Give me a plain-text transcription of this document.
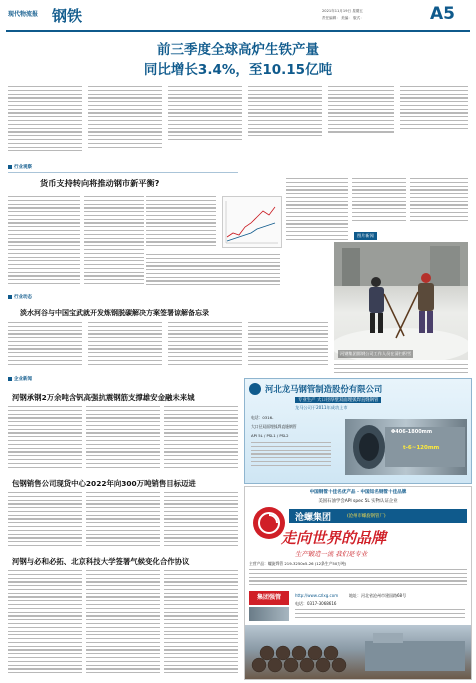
现代物流报 钢铁	2021年11月19日 星期五
责任编辑： 美编： 版式：	A5
前三季度全球高炉生铁产量
同比增长3.4%，至10.15亿吨
行业观察
货币支持转向将推动钢市新平衡?
图片新闻
河钢集团邯钢公司工作人员在清扫积雪
行业动态
淡水河谷与中国宝武就开发炼钢脱碳解决方案签署谅解备忘录
企业新闻
河钢承钢2万余吨含钒高强抗震钢筋支撑雄安金融未来城
包钢销售公司现货中心2022年向300万吨销售目标迈进
河钢与必和必拓、北京科技大学签署气候变化合作协议
河北龙马钢管制造股份有限公司
专业生产 大口径厚壁双面埋弧焊直缝钢管
龙马公司于2011年成功上市
电话：0316-
大口径双面埋弧焊直缝钢管
API 5L / PSL1 / PSL2
Φ406-1800mm
t-6~120mm
中国钢管十佳名优产品 · 中国知名钢管十佳品牌
美国石油学会API spec 5L 实物认证企业
沧螺集团	(沧州市螺旋钢管厂)
走向世界的品牌
生产锻造一流 我们是专业
主营产品：螺旋焊管 219-3250x5-26 (12条生产50万吨)
集团强管	http://www.czlxg.com	地址：河北省沧州市建国路68号
电话：0317-3068616
